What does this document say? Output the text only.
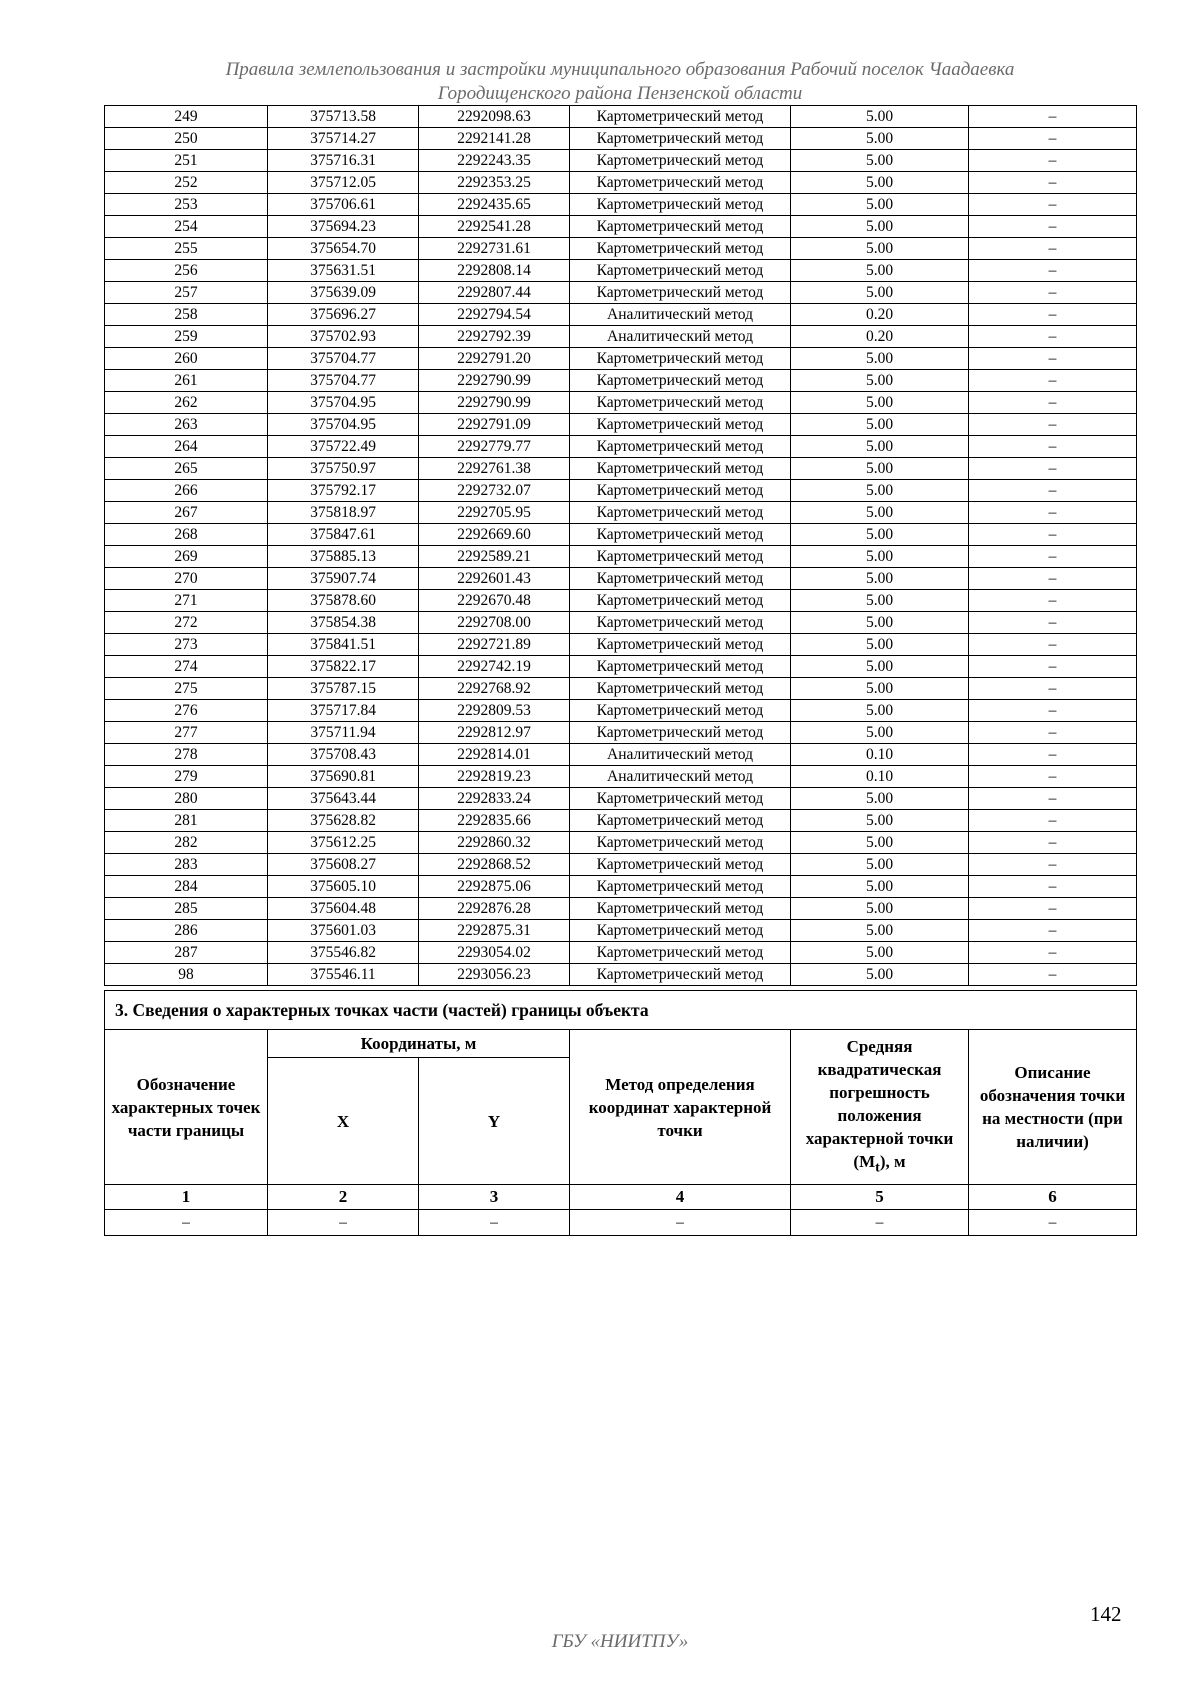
Правила землепользования и застройки муниципального образования Рабочий поселок Чаадаевка
Городищенского района Пензенской области
249	375713.58	2292098.63	Картометрический метод	5.00	–
250	375714.27	2292141.28	Картометрический метод	5.00	–
251	375716.31	2292243.35	Картометрический метод	5.00	–
252	375712.05	2292353.25	Картометрический метод	5.00	–
253	375706.61	2292435.65	Картометрический метод	5.00	–
254	375694.23	2292541.28	Картометрический метод	5.00	–
255	375654.70	2292731.61	Картометрический метод	5.00	–
256	375631.51	2292808.14	Картометрический метод	5.00	–
257	375639.09	2292807.44	Картометрический метод	5.00	–
258	375696.27	2292794.54	Аналитический метод	0.20	–
259	375702.93	2292792.39	Аналитический метод	0.20	–
260	375704.77	2292791.20	Картометрический метод	5.00	–
261	375704.77	2292790.99	Картометрический метод	5.00	–
262	375704.95	2292790.99	Картометрический метод	5.00	–
263	375704.95	2292791.09	Картометрический метод	5.00	–
264	375722.49	2292779.77	Картометрический метод	5.00	–
265	375750.97	2292761.38	Картометрический метод	5.00	–
266	375792.17	2292732.07	Картометрический метод	5.00	–
267	375818.97	2292705.95	Картометрический метод	5.00	–
268	375847.61	2292669.60	Картометрический метод	5.00	–
269	375885.13	2292589.21	Картометрический метод	5.00	–
270	375907.74	2292601.43	Картометрический метод	5.00	–
271	375878.60	2292670.48	Картометрический метод	5.00	–
272	375854.38	2292708.00	Картометрический метод	5.00	–
273	375841.51	2292721.89	Картометрический метод	5.00	–
274	375822.17	2292742.19	Картометрический метод	5.00	–
275	375787.15	2292768.92	Картометрический метод	5.00	–
276	375717.84	2292809.53	Картометрический метод	5.00	–
277	375711.94	2292812.97	Картометрический метод	5.00	–
278	375708.43	2292814.01	Аналитический метод	0.10	–
279	375690.81	2292819.23	Аналитический метод	0.10	–
280	375643.44	2292833.24	Картометрический метод	5.00	–
281	375628.82	2292835.66	Картометрический метод	5.00	–
282	375612.25	2292860.32	Картометрический метод	5.00	–
283	375608.27	2292868.52	Картометрический метод	5.00	–
284	375605.10	2292875.06	Картометрический метод	5.00	–
285	375604.48	2292876.28	Картометрический метод	5.00	–
286	375601.03	2292875.31	Картометрический метод	5.00	–
287	375546.82	2293054.02	Картометрический метод	5.00	–
98	375546.11	2293056.23	Картометрический метод	5.00	–
3. Сведения о характерных точках части (частей) границы объекта					
Обозначение характерных точек части границы	Координаты, м		Метод определения координат характерной точки	Средняя квадратическая погрешность положения характерной точки $(M_t)$, м	Описание обозначения точки на местности (при наличии)
	X	Y			
1	2	3	4	5	6
–	–	–	–	–	–
142
ГБУ «НИИТПУ»
